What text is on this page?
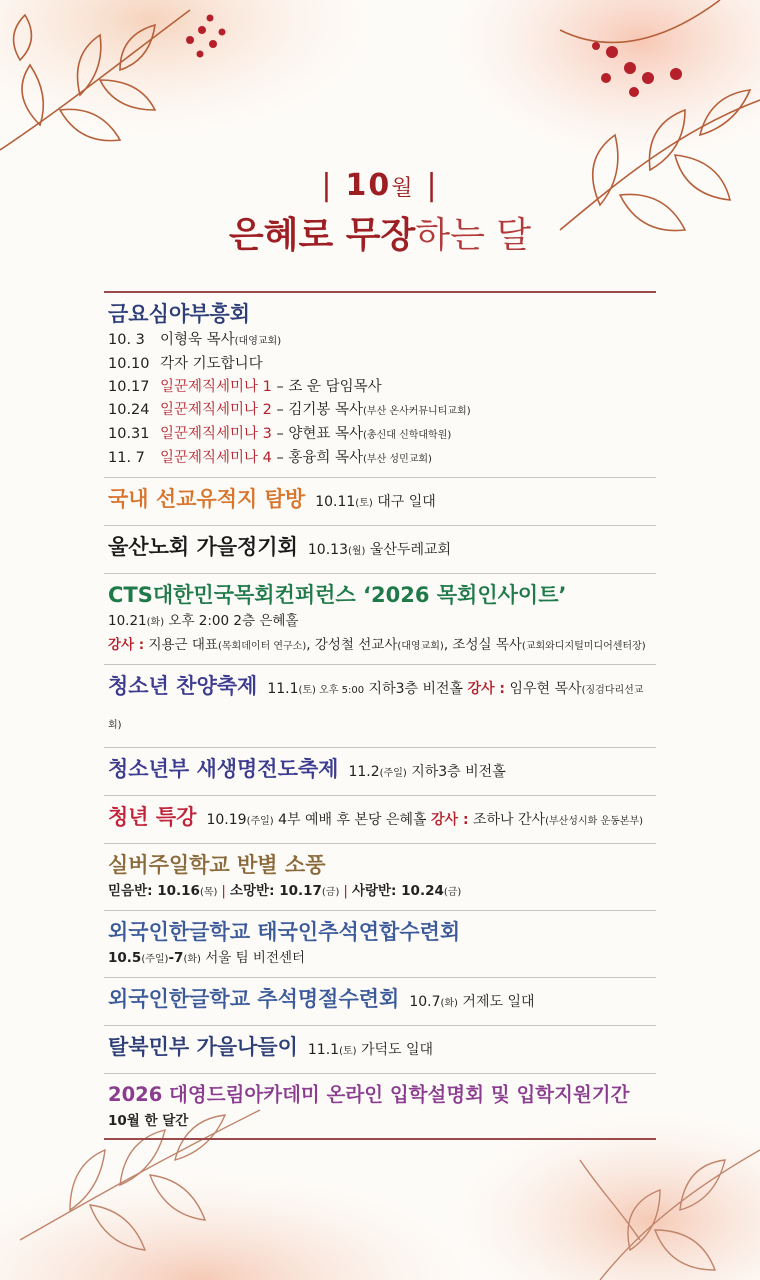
| 10월 |
은혜로 무장하는 달
금요심야부흥회
10. 3 이형욱 목사(대영교회)
10.10 각자 기도합니다
10.17 일꾼제직세미나 1 – 조 운 담임목사
10.24 일꾼제직세미나 2 – 김기봉 목사(부산 온사커뮤니티교회)
10.31 일꾼제직세미나 3 – 양현표 목사(총신대 신학대학원)
11. 7 일꾼제직세미나 4 – 홍융희 목사(부산 성민교회)
국내 선교유적지 탐방 10.11(토) 대구 일대
울산노회 가을정기회 10.13(월) 울산두레교회
CTS대한민국목회컨퍼런스 ‘2026 목회인사이트’
10.21(화) 오후 2:00 2층 은혜홀
강사 : 지용근 대표(목회데이터 연구소), 강성철 선교사(대영교회), 조성실 목사(교회와디지털미디어센터장)
청소년 찬양축제 11.1(토) 오후 5:00 지하3층 비전홀 강사 : 임우현 목사(징검다리선교회)
청소년부 새생명전도축제 11.2(주일) 지하3층 비전홀
청년 특강 10.19(주일) 4부 예배 후 본당 은혜홀 강사 : 조하나 간사(부산성시화 운동본부)
실버주일학교 반별 소풍
믿음반: 10.16(목) | 소망반: 10.17(금) | 사랑반: 10.24(금)
외국인한글학교 태국인추석연합수련회
10.5(주일)-7(화) 서울 팀 비전센터
외국인한글학교 추석명절수련회 10.7(화) 거제도 일대
탈북민부 가을나들이 11.1(토) 가덕도 일대
2026 대영드림아카데미 온라인 입학설명회 및 입학지원기간
10월 한 달간
